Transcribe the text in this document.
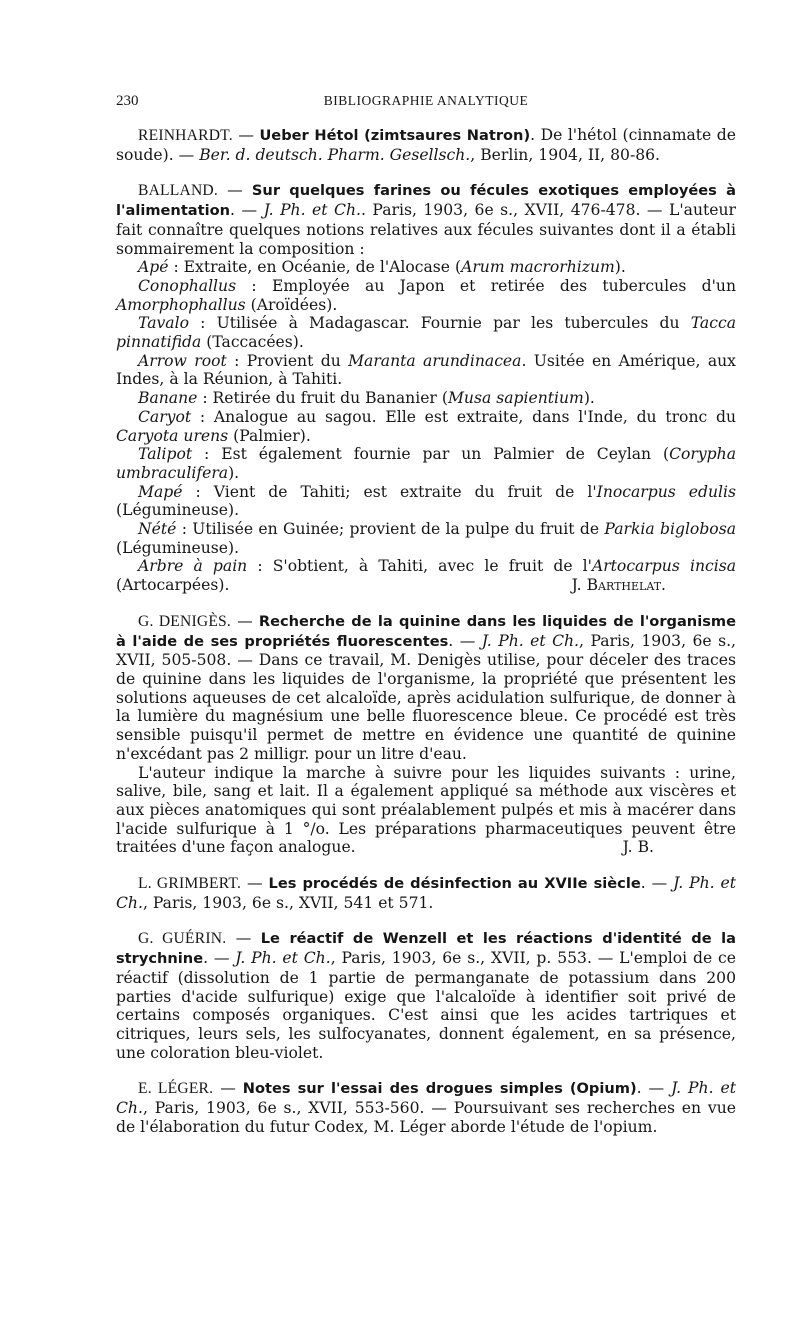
230	BIBLIOGRAPHIE ANALYTIQUE

REINHARDT. — Ueber Hétol (zimtsaures Natron). De l'hétol (cinnamate de soude). — Ber. d. deutsch. Pharm. Gesellsch., Berlin, 1904, II, 80-86.

BALLAND. — Sur quelques farines ou fécules exotiques employées à l'alimentation. — J. Ph. et Ch.. Paris, 1903, 6e s., XVII, 476-478. — L'auteur fait connaître quelques notions relatives aux fécules suivantes dont il a établi sommairement la composition :

Apé : Extraite, en Océanie, de l'Alocase (Arum macrorhizum).

Conophallus : Employée au Japon et retirée des tubercules d'un Amorphophallus (Aroïdées).

Tavalo : Utilisée à Madagascar. Fournie par les tubercules du Tacca pinnatifida (Taccacées).

Arrow root : Provient du Maranta arundinacea. Usitée en Amérique, aux Indes, à la Réunion, à Tahiti.

Banane : Retirée du fruit du Bananier (Musa sapientium).

Caryot : Analogue au sagou. Elle est extraite, dans l'Inde, du tronc du Caryota urens (Palmier).

Talipot : Est également fournie par un Palmier de Ceylan (Corypha umbraculifera).

Mapé : Vient de Tahiti; est extraite du fruit de l'Inocarpus edulis (Légumineuse).

Nété : Utilisée en Guinée; provient de la pulpe du fruit de Parkia biglobosa (Légumineuse).

Arbre à pain : S'obtient, à Tahiti, avec le fruit de l'Artocarpus incisa (Artocarpées).	J. Barthelat.

G. DENIGÈS. — Recherche de la quinine dans les liquides de l'organisme à l'aide de ses propriétés fluorescentes. — J. Ph. et Ch., Paris, 1903, 6e s., XVII, 505-508. — Dans ce travail, M. Denigès utilise, pour déceler des traces de quinine dans les liquides de l'organisme, la propriété que présentent les solutions aqueuses de cet alcaloïde, après acidulation sulfurique, de donner à la lumière du magnésium une belle fluorescence bleue. Ce procédé est très sensible puisqu'il permet de mettre en évidence une quantité de quinine n'excédant pas 2 milligr. pour un litre d'eau.

L'auteur indique la marche à suivre pour les liquides suivants : urine, salive, bile, sang et lait. Il a également appliqué sa méthode aux viscères et aux pièces anatomiques qui sont préalablement pulpés et mis à macérer dans l'acide sulfurique à 1 °/o. Les préparations pharmaceutiques peuvent être traitées d'une façon analogue.	J. B.

L. GRIMBERT. — Les procédés de désinfection au XVIIe siècle. — J. Ph. et Ch., Paris, 1903, 6e s., XVII, 541 et 571.

G. GUÉRIN. — Le réactif de Wenzell et les réactions d'identité de la strychnine. — J. Ph. et Ch., Paris, 1903, 6e s., XVII, p. 553. — L'emploi de ce réactif (dissolution de 1 partie de permanganate de potassium dans 200 parties d'acide sulfurique) exige que l'alcaloïde à identifier soit privé de certains composés organiques. C'est ainsi que les acides tartriques et citriques, leurs sels, les sulfocyanates, donnent également, en sa présence, une coloration bleu-violet.

E. LÉGER. — Notes sur l'essai des drogues simples (Opium). — J. Ph. et Ch., Paris, 1903, 6e s., XVII, 553-560. — Poursuivant ses recherches en vue de l'élaboration du futur Codex, M. Léger aborde l'étude de l'opium.
